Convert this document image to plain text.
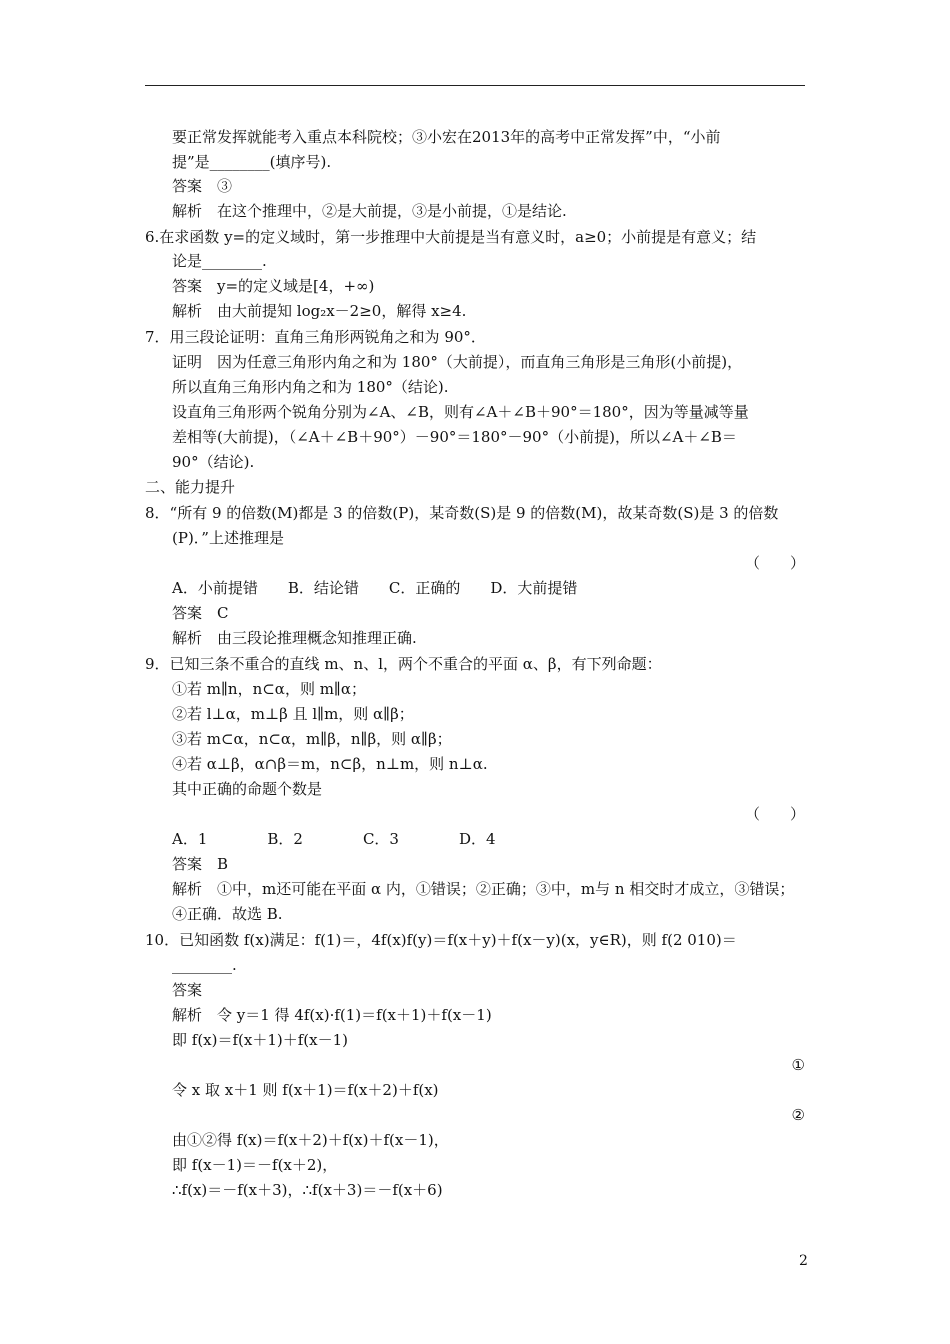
要正常发挥就能考入重点本科院校；③小宏在2013年的高考中正常发挥”中，“小前
提”是________(填序号).
答案　③
解析　在这个推理中，②是大前提，③是小前提，①是结论.
6.在求函数 y=的定义域时，第一步推理中大前提是当有意义时，a≥0；小前提是有意义；结
论是________.
答案　y=的定义域是[4，+∞)
解析　由大前提知 log₂x－2≥0，解得 x≥4.
7．用三段论证明：直角三角形两锐角之和为 90°．
证明　因为任意三角形内角之和为 180°（大前提），而直角三角形是三角形(小前提)，
所以直角三角形内角之和为 180°（结论).
设直角三角形两个锐角分别为∠A、∠B，则有∠A＋∠B＋90°＝180°，因为等量减等量
差相等(大前提)，（∠A＋∠B＋90°）－90°＝180°－90°（小前提)，所以∠A＋∠B＝
90°（结论).
二、能力提升
8．“所有 9 的倍数(M)都是 3 的倍数(P)，某奇数(S)是 9 的倍数(M)，故某奇数(S)是 3 的倍数
(P)．”上述推理是
（　　）
A．小前提错　　B．结论错　　C．正确的　　D．大前提错
答案　C
解析　由三段论推理概念知推理正确.
9．已知三条不重合的直线 m、n、l，两个不重合的平面 α、β，有下列命题：
①若 m∥n，n⊂α，则 m∥α；
②若 l⊥α，m⊥β 且 l∥m，则 α∥β；
③若 m⊂α，n⊂α，m∥β，n∥β，则 α∥β；
④若 α⊥β，α∩β＝m，n⊂β，n⊥m，则 n⊥α.
其中正确的命题个数是
（　　）
A．1　　　　B．2　　　　C．3　　　　D．4
答案　B
解析　①中，m还可能在平面 α 内，①错误；②正确；③中，m与 n 相交时才成立，③错误；
④正确．故选 B.
10．已知函数 f(x)满足：f(1)＝，4f(x)f(y)＝f(x＋y)＋f(x－y)(x，y∈R)，则 f(2 010)＝
________.
答案
解析　令 y＝1 得 4f(x)·f(1)＝f(x＋1)＋f(x－1)
即 f(x)＝f(x＋1)＋f(x－1)
①
令 x 取 x＋1 则 f(x＋1)＝f(x＋2)＋f(x)
②
由①②得 f(x)＝f(x＋2)＋f(x)＋f(x－1)，
即 f(x－1)＝－f(x＋2)，
∴f(x)＝－f(x＋3)，∴f(x＋3)＝－f(x＋6)
2
